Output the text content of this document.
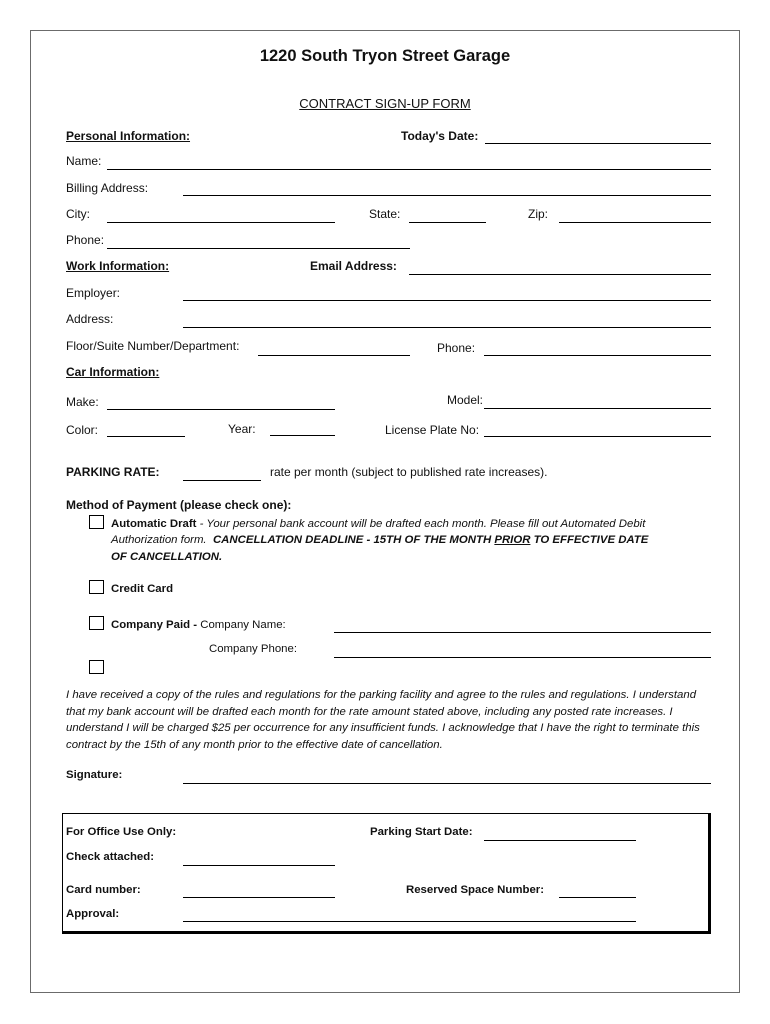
1220 South Tryon Street Garage
CONTRACT SIGN-UP FORM
Personal Information:	Today's Date:
Name:
Billing Address:
City:	State:	Zip:
Phone:
Work Information:	Email Address:
Employer:
Address:
Floor/Suite Number/Department:	Phone:
Car Information:
Make:	Model:
Color:	Year:	License Plate No:
PARKING RATE:	rate per month (subject to published rate increases).
Method of Payment (please check one):
Automatic Draft - Your personal bank account will be drafted each month. Please fill out Automated Debit
Authorization form. CANCELLATION DEADLINE - 15TH OF THE MONTH PRIOR TO EFFECTIVE DATE
OF CANCELLATION.
Credit Card
Company Paid - Company Name:
Company Phone:
I have received a copy of the rules and regulations for the parking facility and agree to the rules and regulations. I understand that my bank account will be drafted each month for the rate amount stated above, including any posted rate increases. I understand I will be charged $25 per occurrence for any insufficient funds. I acknowledge that I have the right to terminate this contract by the 15th of any month prior to the effective date of cancellation.
Signature:
For Office Use Only:	Parking Start Date:
Check attached:
Card number:	Reserved Space Number:
Approval:
